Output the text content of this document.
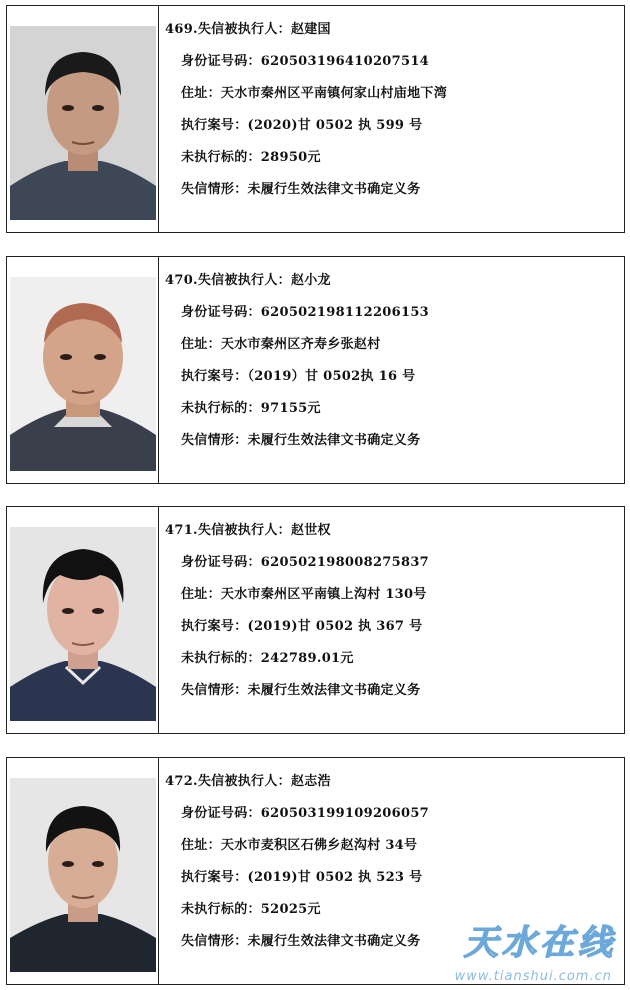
469.失信被执行人：赵建国
身份证号码：620503196410207514
住址：天水市秦州区平南镇何家山村庙地下湾
执行案号：(2020)甘 0502 执 599 号
未执行标的：28950元
失信情形：未履行生效法律文书确定义务
470.失信被执行人：赵小龙
身份证号码：620502198112206153
住址：天水市秦州区齐寿乡张赵村
执行案号：（2019）甘 0502执 16 号
未执行标的：97155元
失信情形：未履行生效法律文书确定义务
471.失信被执行人：赵世权
身份证号码：620502198008275837
住址：天水市秦州区平南镇上沟村 130号
执行案号：(2019)甘 0502 执 367 号
未执行标的：242789.01元
失信情形：未履行生效法律文书确定义务
472.失信被执行人：赵志浩
身份证号码：620503199109206057
住址：天水市麦积区石佛乡赵沟村 34号
执行案号：(2019)甘 0502 执 523 号
未执行标的：52025元
失信情形：未履行生效法律文书确定义务	天水在线
www.tianshui.com.cn
